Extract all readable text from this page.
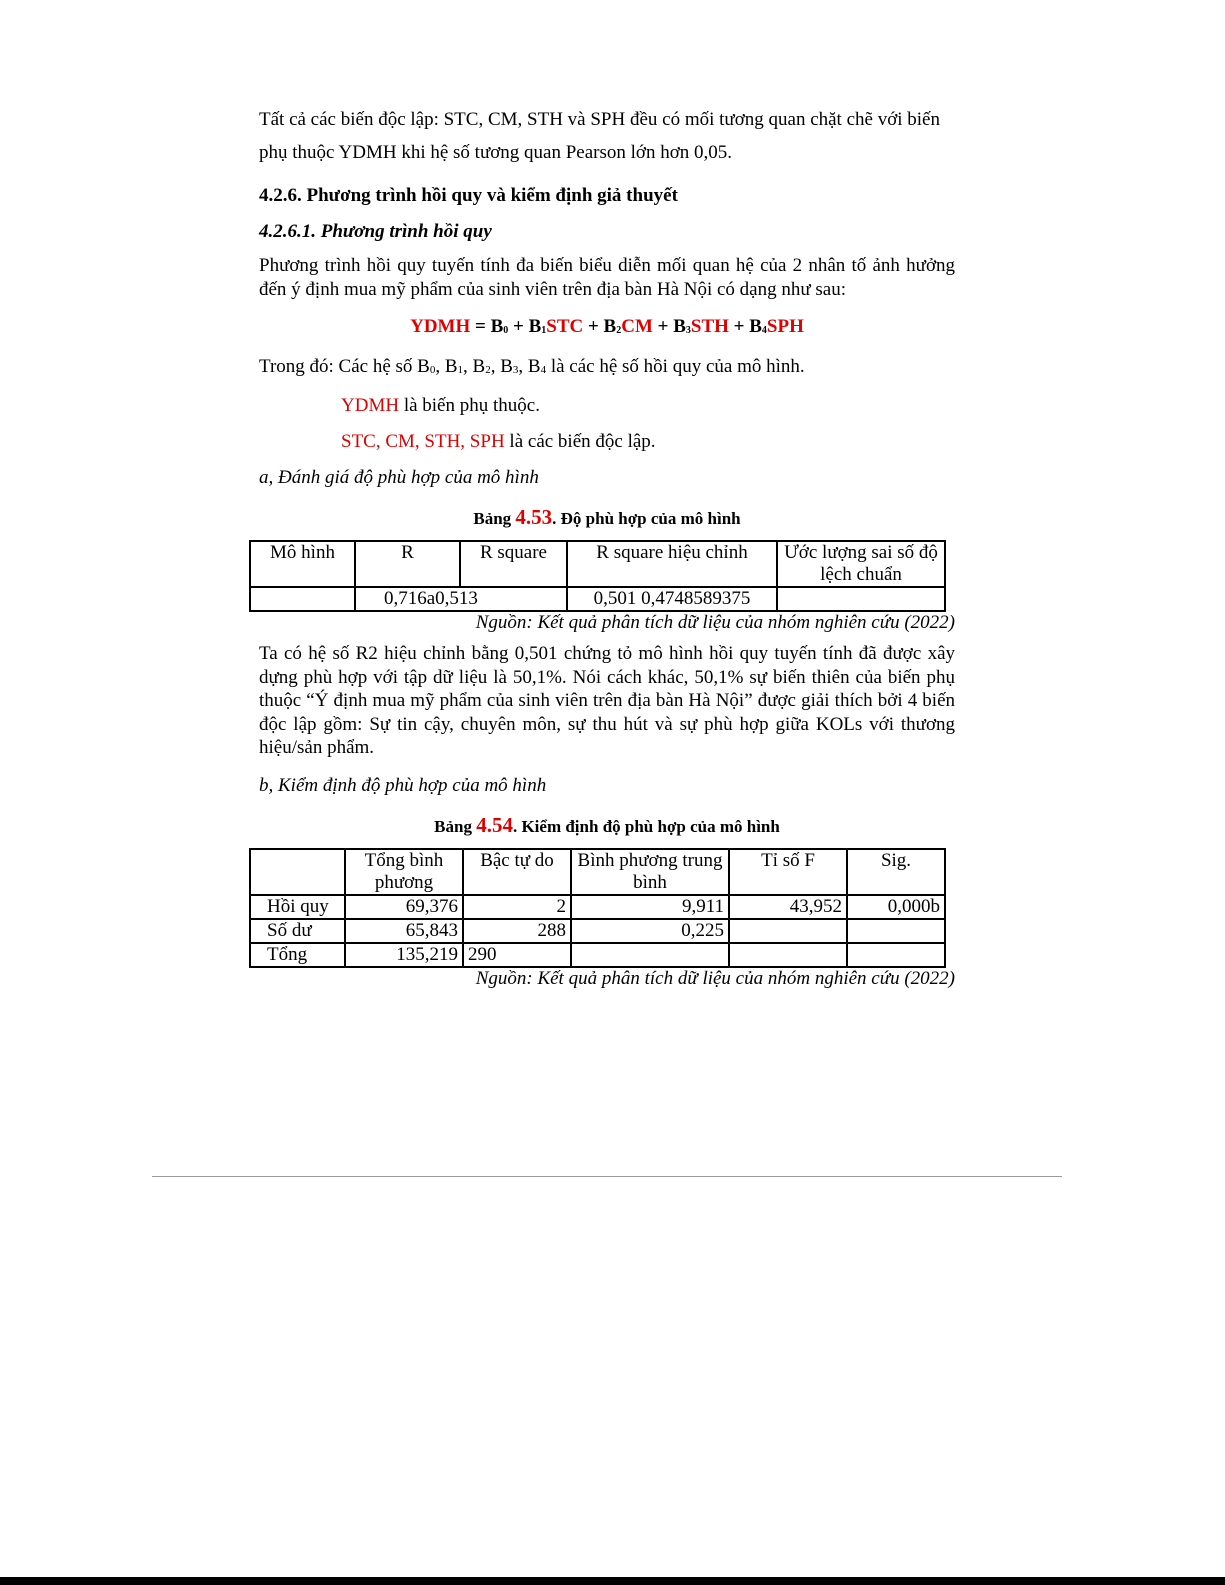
Tất cả các biến độc lập: STC, CM, STH và SPH đều có mối tương quan chặt chẽ với biến

phụ thuộc YDMH khi hệ số tương quan Pearson lớn hơn 0,05.

4.2.6. Phương trình hồi quy và kiểm định giả thuyết

4.2.6.1. Phương trình hồi quy

Phương trình hồi quy tuyến tính đa biến biểu diễn mối quan hệ của 2 nhân tố ảnh hưởng đến ý định mua mỹ phẩm của sinh viên trên địa bàn Hà Nội có dạng như sau:

YDMH = $B_0 + B_1STC + B_2CM + B_3STH + B_4SPH$

Trong đó: Các hệ số $B_0$, $B_1$, $B_2$, $B_3$, $B_4$ là các hệ số hồi quy của mô hình.

YDMH là biến phụ thuộc.

STC, CM, STH, SPH là các biến độc lập.

a, Đánh giá độ phù hợp của mô hình

Bảng 4.53. Độ phù hợp của mô hình

Mô hình	R	R square	R square hiệu chỉnh	Ước lượng sai số độ lệch chuẩn
	0,716a0,513		0,501 0,4748589375	

Nguồn: Kết quả phân tích dữ liệu của nhóm nghiên cứu (2022)

Ta có hệ số R2 hiệu chỉnh bằng 0,501 chứng tỏ mô hình hồi quy tuyến tính đã được xây dựng phù hợp với tập dữ liệu là 50,1%. Nói cách khác, 50,1% sự biến thiên của biến phụ thuộc “Ý định mua mỹ phẩm của sinh viên trên địa bàn Hà Nội” được giải thích bởi 4 biến độc lập gồm: Sự tin cậy, chuyên môn, sự thu hút và sự phù hợp giữa KOLs với thương hiệu/sản phẩm.

b, Kiểm định độ phù hợp của mô hình

Bảng 4.54. Kiểm định độ phù hợp của mô hình

	Tổng bình phương	Bậc tự do	Bình phương trung bình	Tỉ số F	Sig.
Hồi quy	69,376	2	9,911	43,952	0,000b
Số dư	65,843	288	0,225		
Tổng	135,219	290			

Nguồn: Kết quả phân tích dữ liệu của nhóm nghiên cứu (2022)
